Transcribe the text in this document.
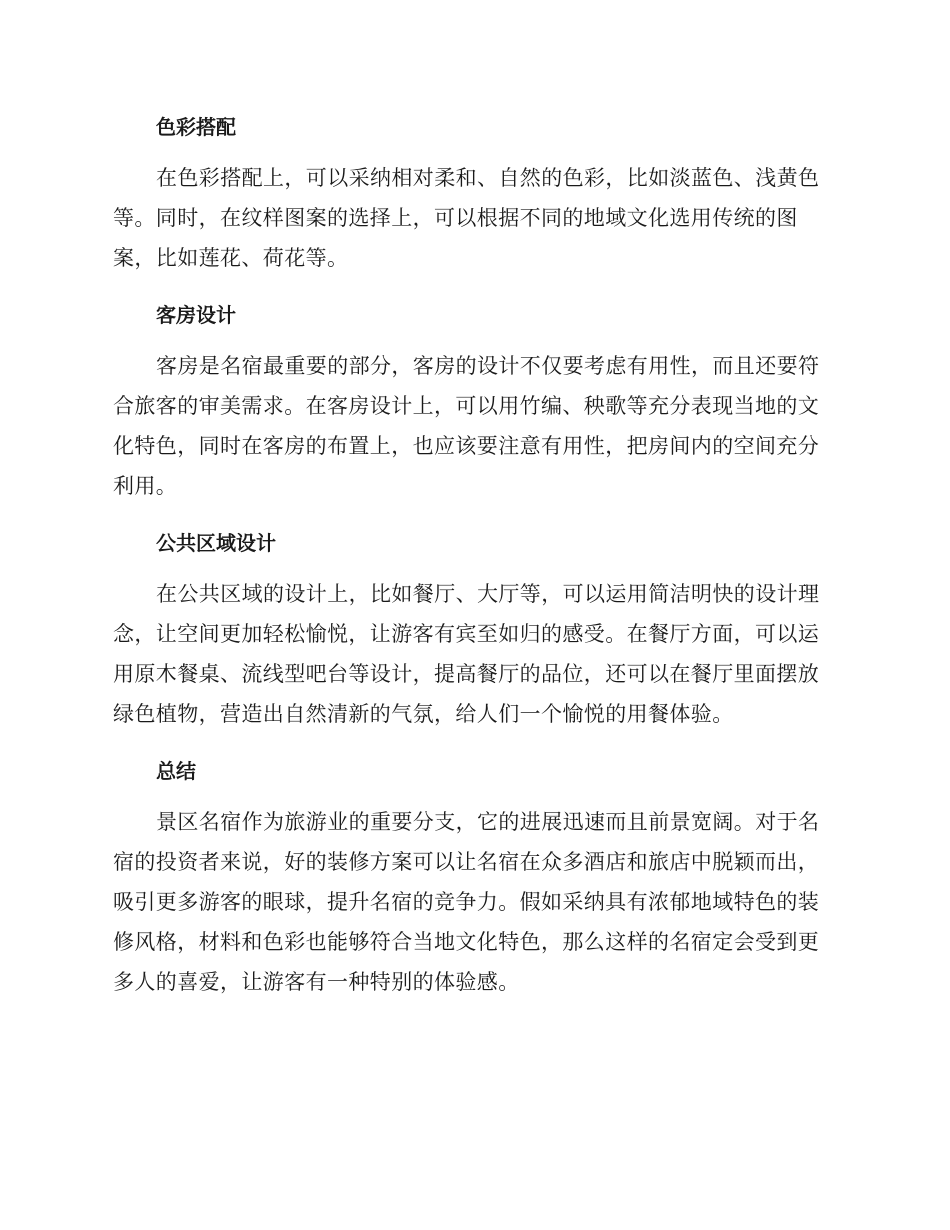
色彩搭配

在色彩搭配上，可以采纳相对柔和、自然的色彩，比如淡蓝色、浅黄色等。同时，在纹样图案的选择上，可以根据不同的地域文化选用传统的图案，比如莲花、荷花等。

客房设计

客房是名宿最重要的部分，客房的设计不仅要考虑有用性，而且还要符合旅客的审美需求。在客房设计上，可以用竹编、秧歌等充分表现当地的文化特色，同时在客房的布置上，也应该要注意有用性，把房间内的空间充分利用。

公共区域设计

在公共区域的设计上，比如餐厅、大厅等，可以运用简洁明快的设计理念，让空间更加轻松愉悦，让游客有宾至如归的感受。在餐厅方面，可以运用原木餐桌、流线型吧台等设计，提高餐厅的品位，还可以在餐厅里面摆放绿色植物，营造出自然清新的气氛，给人们一个愉悦的用餐体验。

总结

景区名宿作为旅游业的重要分支，它的进展迅速而且前景宽阔。对于名宿的投资者来说，好的装修方案可以让名宿在众多酒店和旅店中脱颖而出，吸引更多游客的眼球，提升名宿的竞争力。假如采纳具有浓郁地域特色的装修风格，材料和色彩也能够符合当地文化特色，那么这样的名宿定会受到更多人的喜爱，让游客有一种特别的体验感。
